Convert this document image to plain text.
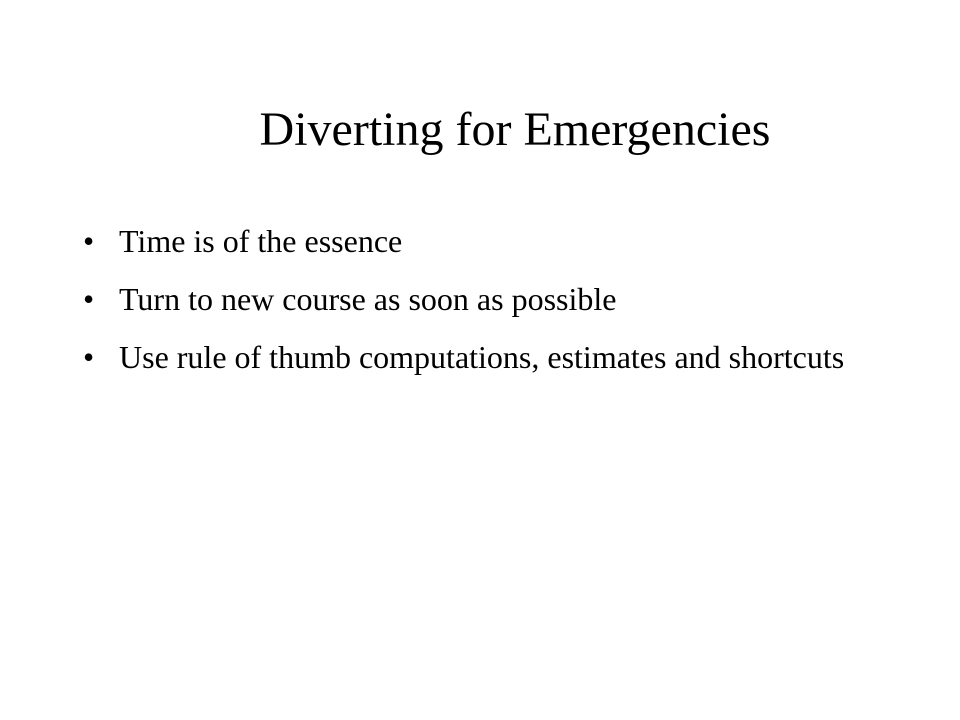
Diverting for Emergencies
• Time is of the essence
• Turn to new course as soon as possible
• Use rule of thumb computations, estimates and shortcuts
